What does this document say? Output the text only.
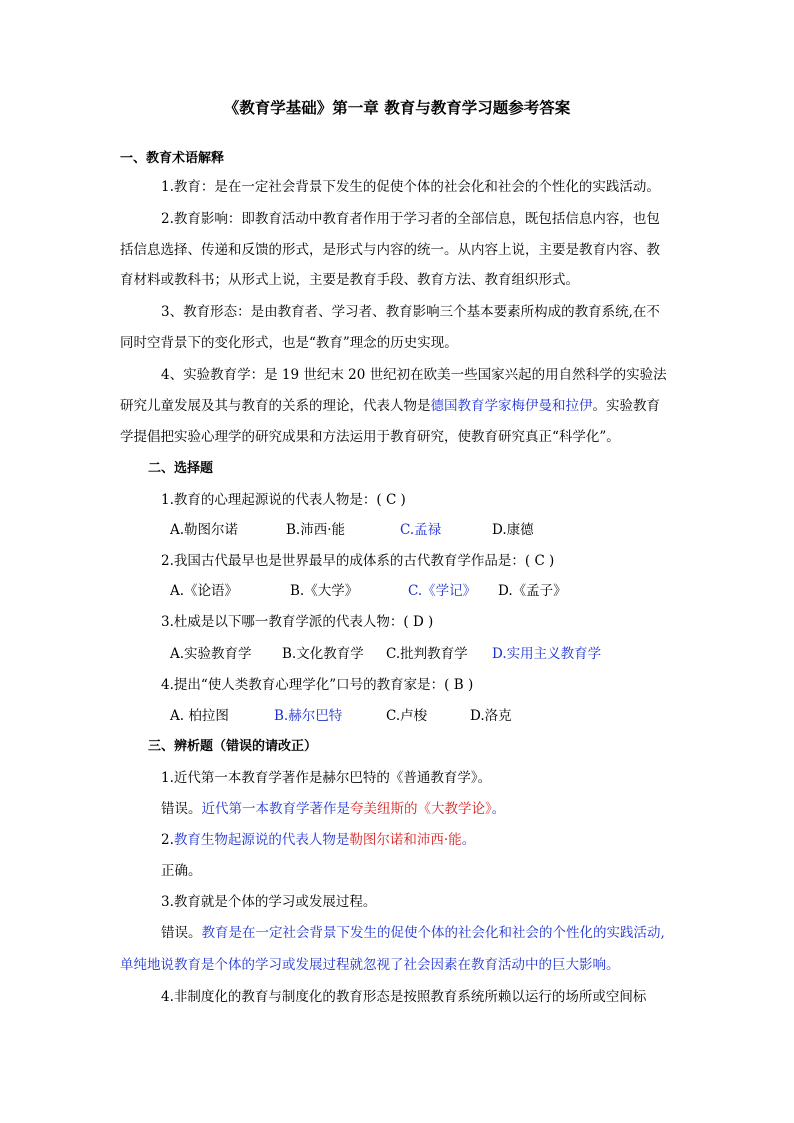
《教育学基础》第一章 教育与教育学习题参考答案
一、教育术语解释
1.教育：是在一定社会背景下发生的促使个体的社会化和社会的个性化的实践活动。
2.教育影响：即教育活动中教育者作用于学习者的全部信息，既包括信息内容，也包
括信息选择、传递和反馈的形式，是形式与内容的统一。从内容上说，主要是教育内容、教
育材料或教科书；从形式上说，主要是教育手段、教育方法、教育组织形式。
3、教育形态：是由教育者、学习者、教育影响三个基本要素所构成的教育系统,在不
同时空背景下的变化形式，也是“教育”理念的历史实现。
4、实验教育学：是 19 世纪末 20 世纪初在欧美一些国家兴起的用自然科学的实验法
研究儿童发展及其与教育的关系的理论，代表人物是德国教育学家梅伊曼和拉伊。实验教育
学提倡把实验心理学的研究成果和方法运用于教育研究，使教育研究真正“科学化”。
二、选择题
1.教育的心理起源说的代表人物是：( C )
A.勒图尔诺	B.沛西·能	C.孟禄	D.康德
2.我国古代最早也是世界最早的成体系的古代教育学作品是：( C )
A.《论语》	B.《大学》	C.《学记》 D.《孟子》
3.杜威是以下哪一教育学派的代表人物：( D )
A.实验教育学 B.文化教育学 C.批判教育学 D.实用主义教育学
4.提出“使人类教育心理学化”口号的教育家是：( B )
A. 柏拉图	B.赫尔巴特	C.卢梭	D.洛克
三、辨析题（错误的请改正）
1.近代第一本教育学著作是赫尔巴特的《普通教育学》。
错误。近代第一本教育学著作是夸美纽斯的《大教学论》。
2.教育生物起源说的代表人物是勒图尔诺和沛西·能。
正确。
3.教育就是个体的学习或发展过程。
错误。教育是在一定社会背景下发生的促使个体的社会化和社会的个性化的实践活动,
单纯地说教育是个体的学习或发展过程就忽视了社会因素在教育活动中的巨大影响。
4.非制度化的教育与制度化的教育形态是按照教育系统所赖以运行的场所或空间标
